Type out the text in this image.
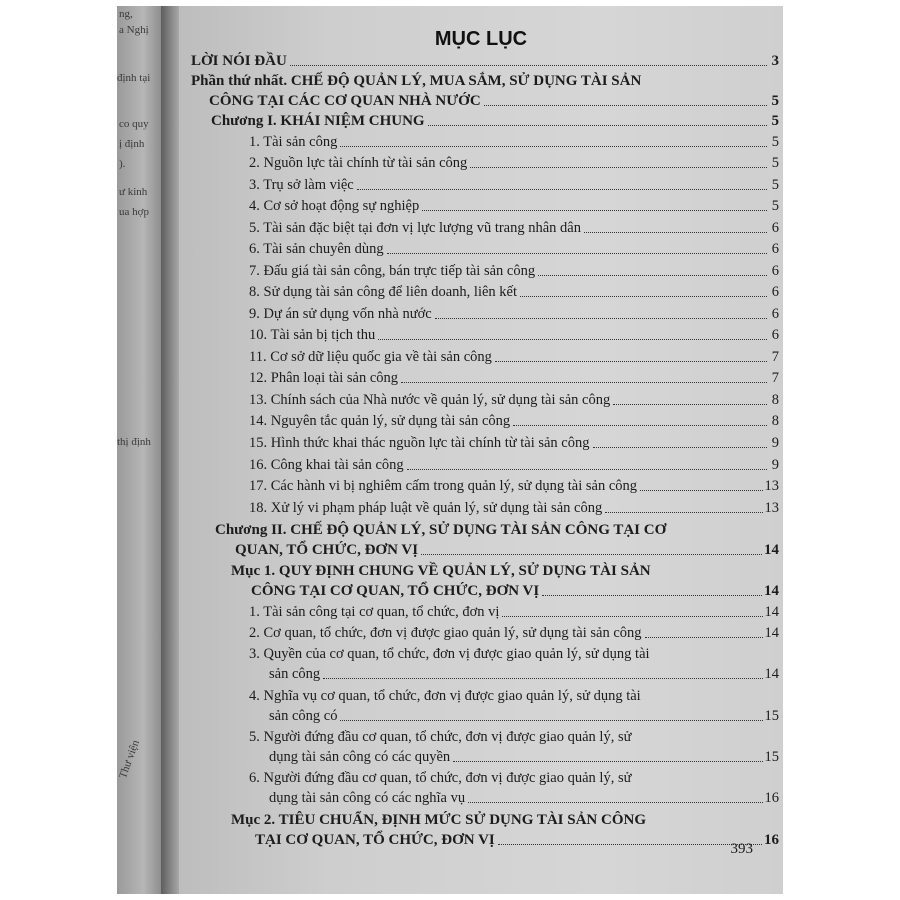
ng,
a Nghị
định tại
co quy
ị định
).
ư kinh
ua hợp
thị định
Thư viện
MỤC LỤC
LỜI NÓI ĐẦU	3
Phần thứ nhất. CHẾ ĐỘ QUẢN LÝ, MUA SẮM, SỬ DỤNG TÀI SẢN
CÔNG TẠI CÁC CƠ QUAN NHÀ NƯỚC	5
Chương I. KHÁI NIỆM CHUNG	5
1. Tài sản công	5
2. Nguồn lực tài chính từ tài sản công	5
3. Trụ sở làm việc	5
4. Cơ sở hoạt động sự nghiệp	5
5. Tài sản đặc biệt tại đơn vị lực lượng vũ trang nhân dân	6
6. Tài sản chuyên dùng	6
7. Đấu giá tài sản công, bán trực tiếp tài sản công	6
8. Sử dụng tài sản công để liên doanh, liên kết	6
9. Dự án sử dụng vốn nhà nước	6
10. Tài sản bị tịch thu	6
11. Cơ sở dữ liệu quốc gia về tài sản công	7
12. Phân loại tài sản công	7
13. Chính sách của Nhà nước về quản lý, sử dụng tài sản công	8
14. Nguyên tắc quản lý, sử dụng tài sản công	8
15. Hình thức khai thác nguồn lực tài chính từ tài sản công	9
16. Công khai tài sản công	9
17. Các hành vi bị nghiêm cấm trong quản lý, sử dụng tài sản công	13
18. Xử lý vi phạm pháp luật về quản lý, sử dụng tài sản công	13
Chương II. CHẾ ĐỘ QUẢN LÝ, SỬ DỤNG TÀI SẢN CÔNG TẠI CƠ
QUAN, TỔ CHỨC, ĐƠN VỊ	14
Mục 1. QUY ĐỊNH CHUNG VỀ QUẢN LÝ, SỬ DỤNG TÀI SẢN
CÔNG TẠI CƠ QUAN, TỔ CHỨC, ĐƠN VỊ	14
1. Tài sản công tại cơ quan, tổ chức, đơn vị	14
2. Cơ quan, tổ chức, đơn vị được giao quản lý, sử dụng tài sản công	14
3. Quyền của cơ quan, tổ chức, đơn vị được giao quản lý, sử dụng tài
sản công	14
4. Nghĩa vụ cơ quan, tổ chức, đơn vị được giao quản lý, sử dụng tài
sản công có	15
5. Người đứng đầu cơ quan, tổ chức, đơn vị được giao quản lý, sử
dụng tài sản công có các quyền	15
6. Người đứng đầu cơ quan, tổ chức, đơn vị được giao quản lý, sử
dụng tài sản công có các nghĩa vụ	16
Mục 2. TIÊU CHUẨN, ĐỊNH MỨC SỬ DỤNG TÀI SẢN CÔNG
TẠI CƠ QUAN, TỔ CHỨC, ĐƠN VỊ	16
393
